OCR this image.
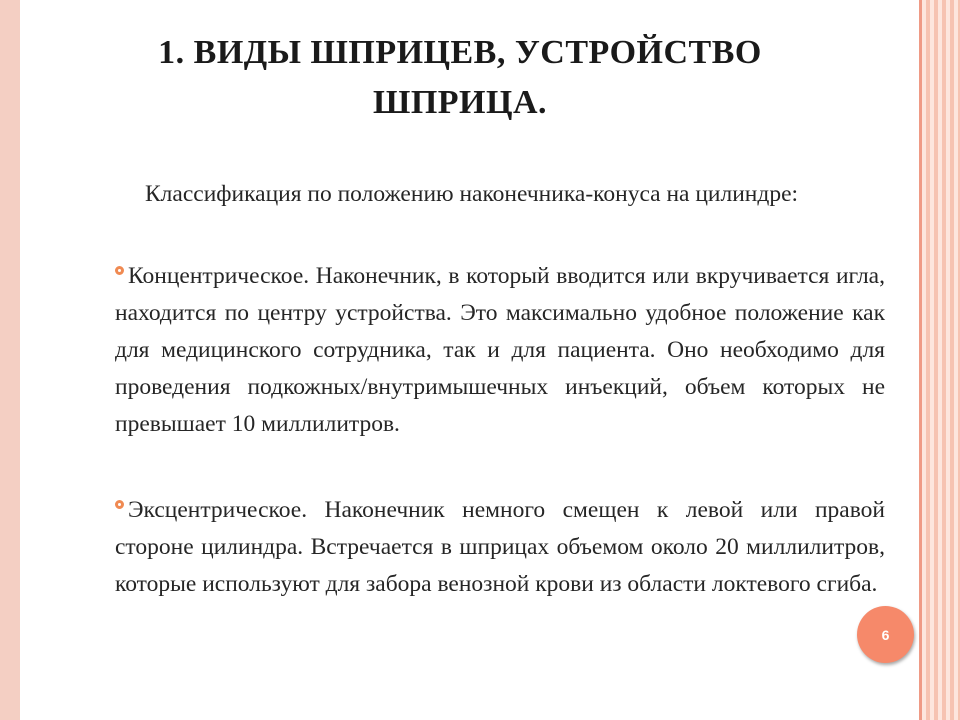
1. ВИДЫ ШПРИЦЕВ, УСТРОЙСТВО
ШПРИЦА.

Классификация по положению наконечника-конуса на цилиндре:

Концентрическое. Наконечник, в который вводится или вкручивается игла, находится по центру устройства. Это максимально удобное положение как для медицинского сотрудника, так и для пациента. Оно необходимо для проведения подкожных/внутримышечных инъекций, объем которых не превышает 10 миллилитров.

Эксцентрическое. Наконечник немного смещен к левой или правой стороне цилиндра. Встречается в шприцах объемом около 20 миллилитров, которые используют для забора венозной крови из области локтевого сгиба.

6
